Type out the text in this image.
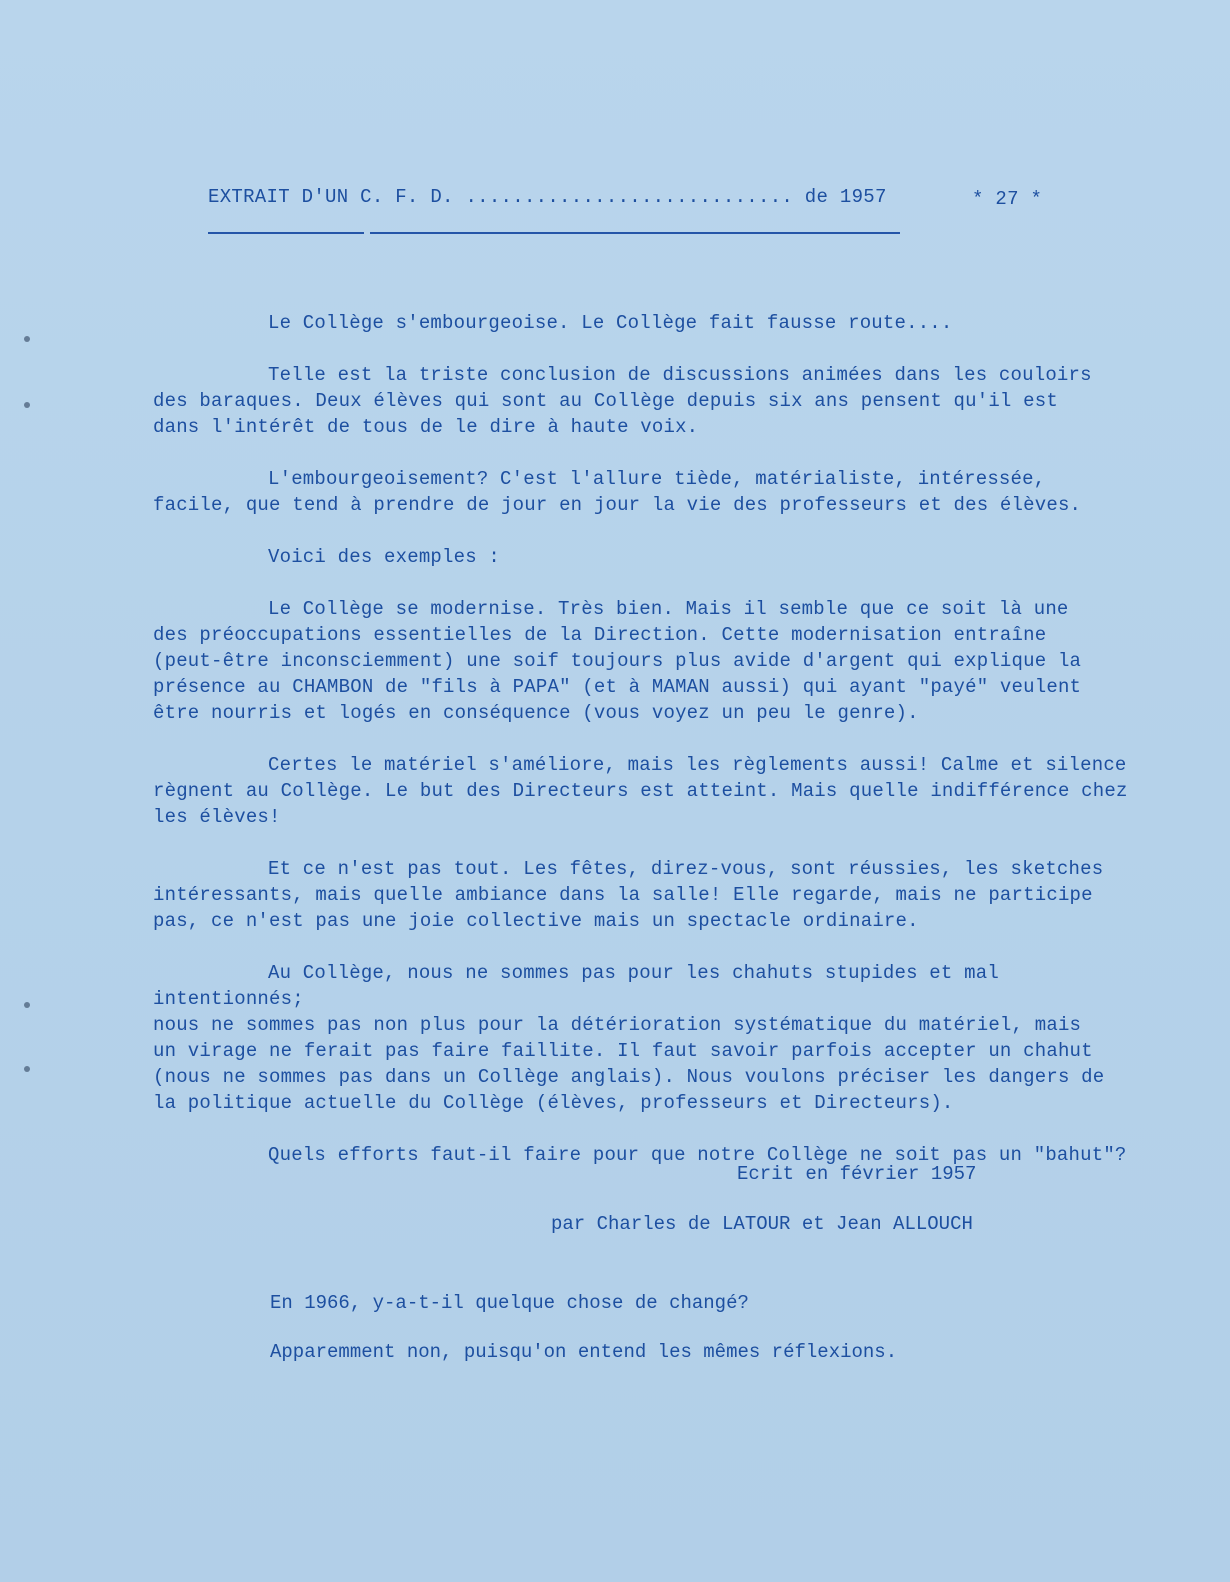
EXTRAIT D'UN C. F. D. ............................ de 1957	* 27 *

Le Collège s'embourgeoise. Le Collège fait fausse route....

Telle est la triste conclusion de discussions animées dans les couloirs
des baraques. Deux élèves qui sont au Collège depuis six ans pensent qu'il est
dans l'intérêt de tous de le dire à haute voix.

L'embourgeoisement? C'est l'allure tiède, matérialiste, intéressée,
facile, que tend à prendre de jour en jour la vie des professeurs et des élèves.

Voici des exemples :

Le Collège se modernise. Très bien. Mais il semble que ce soit là une
des préoccupations essentielles de la Direction. Cette modernisation entraîne
(peut-être inconsciemment) une soif toujours plus avide d'argent qui explique la
présence au CHAMBON de "fils à PAPA" (et à MAMAN aussi) qui ayant "payé" veulent
être nourris et logés en conséquence (vous voyez un peu le genre).

Certes le matériel s'améliore, mais les règlements aussi! Calme et silence
règnent au Collège. Le but des Directeurs est atteint. Mais quelle indifférence chez
les élèves!

Et ce n'est pas tout. Les fêtes, direz-vous, sont réussies, les sketches
intéressants, mais quelle ambiance dans la salle! Elle regarde, mais ne participe
pas, ce n'est pas une joie collective mais un spectacle ordinaire.

Au Collège, nous ne sommes pas pour les chahuts stupides et mal intentionnés;
nous ne sommes pas non plus pour la détérioration systématique du matériel, mais
un virage ne ferait pas faire faillite. Il faut savoir parfois accepter un chahut
(nous ne sommes pas dans un Collège anglais). Nous voulons préciser les dangers de
la politique actuelle du Collège (élèves, professeurs et Directeurs).

Quels efforts faut-il faire pour que notre Collège ne soit pas un "bahut"?

Ecrit en février 1957
par Charles de LATOUR et Jean ALLOUCH
En 1966, y-a-t-il quelque chose de changé?
Apparemment non, puisqu'on entend les mêmes réflexions.
